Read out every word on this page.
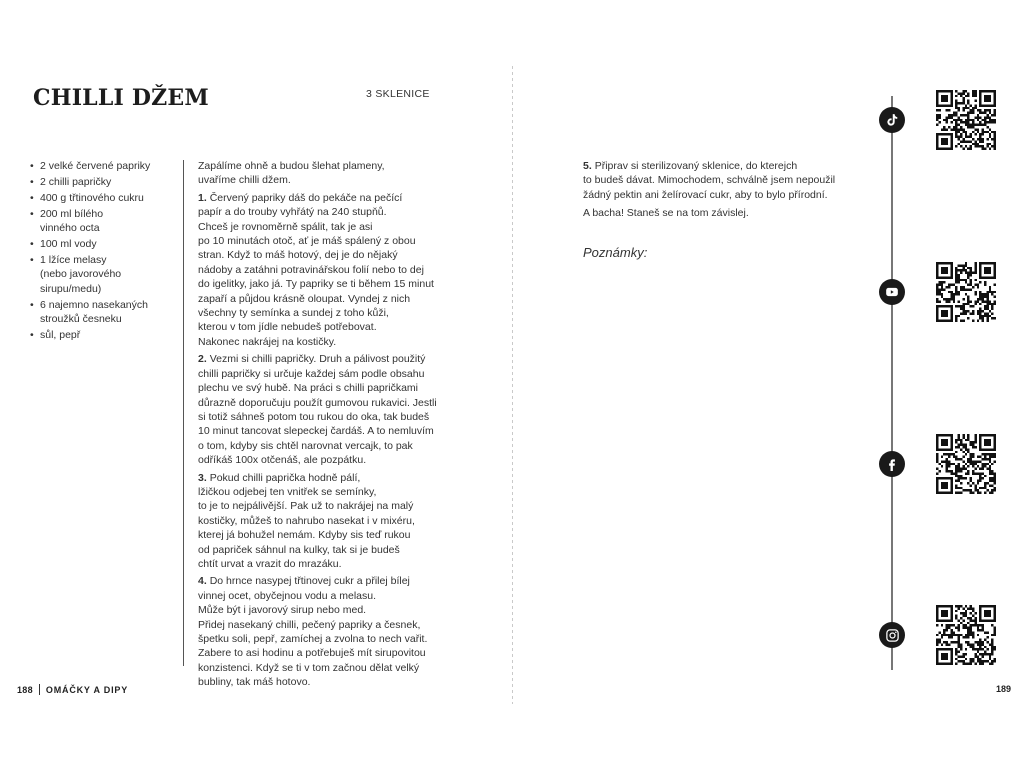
CHILLI DŽEM	3 SKLENICE
• 2 velké červené papriky
• 2 chilli papričky
• 400 g třtinového cukru
• 200 ml bílého vinného octa
• 100 ml vody
• 1 lžíce melasy (nebo javorového sirupu/medu)
• 6 najemno nasekaných stroužků česneku
• sůl, pepř

Zapálíme ohně a budou šlehat plameny,
uvaříme chilli džem.

1. Červený papriky dáš do pekáče na pečící
papír a do trouby vyhřátý na 240 stupňů.
Chceš je rovnoměrně spálit, tak je asi
po 10 minutách otoč, ať je máš spálený z obou
stran. Když to máš hotový, dej je do nějaký
nádoby a zatáhni potravinářskou folií nebo to dej
do igelitky, jako já. Ty papriky se ti během 15 minut
zapaří a půjdou krásně oloupat. Vyndej z nich
všechny ty semínka a sundej z toho kůži,
kterou v tom jídle nebudeš potřebovat.
Nakonec nakrájej na kostičky.

2. Vezmi si chilli papričky. Druh a pálivost použitý
chilli papričky si určuje každej sám podle obsahu
plechu ve svý hubě. Na práci s chilli papričkami
důrazně doporučuju použít gumovou rukavici. Jestli
si totiž sáhneš potom tou rukou do oka, tak budeš
10 minut tancovat slepeckej čardáš. A to nemluvím
o tom, kdyby sis chtěl narovnat vercajk, to pak
odříkáš 100x otčenáš, ale pozpátku.

3. Pokud chilli paprička hodně pálí,
lžičkou odjebej ten vnitřek se semínky,
to je to nejpálivější. Pak už to nakrájej na malý
kostičky, můžeš to nahrubo nasekat i v mixéru,
kterej já bohužel nemám. Kdyby sis teď rukou
od papriček sáhnul na kulky, tak si je budeš
chtít urvat a vrazit do mrazáku.

4. Do hrnce nasypej třtinovej cukr a přilej bílej
vinnej ocet, obyčejnou vodu a melasu.
Může být i javorový sirup nebo med.
Přidej nasekaný chilli, pečený papriky a česnek,
špetku soli, pepř, zamíchej a zvolna to nech vařit.
Zabere to asi hodinu a potřebuješ mít sirupovitou
konzistenci. Když se ti v tom začnou dělat velký
bubliny, tak máš hotovo.

188 OMÁČKY A DIPY

5. Připrav si sterilizovaný sklenice, do kterejch
to budeš dávat. Mimochodem, schválně jsem nepoužil
žádný pektin ani želírovací cukr, aby to bylo přírodní.

A bacha! Staneš se na tom závislej.

Poznámky:
189
